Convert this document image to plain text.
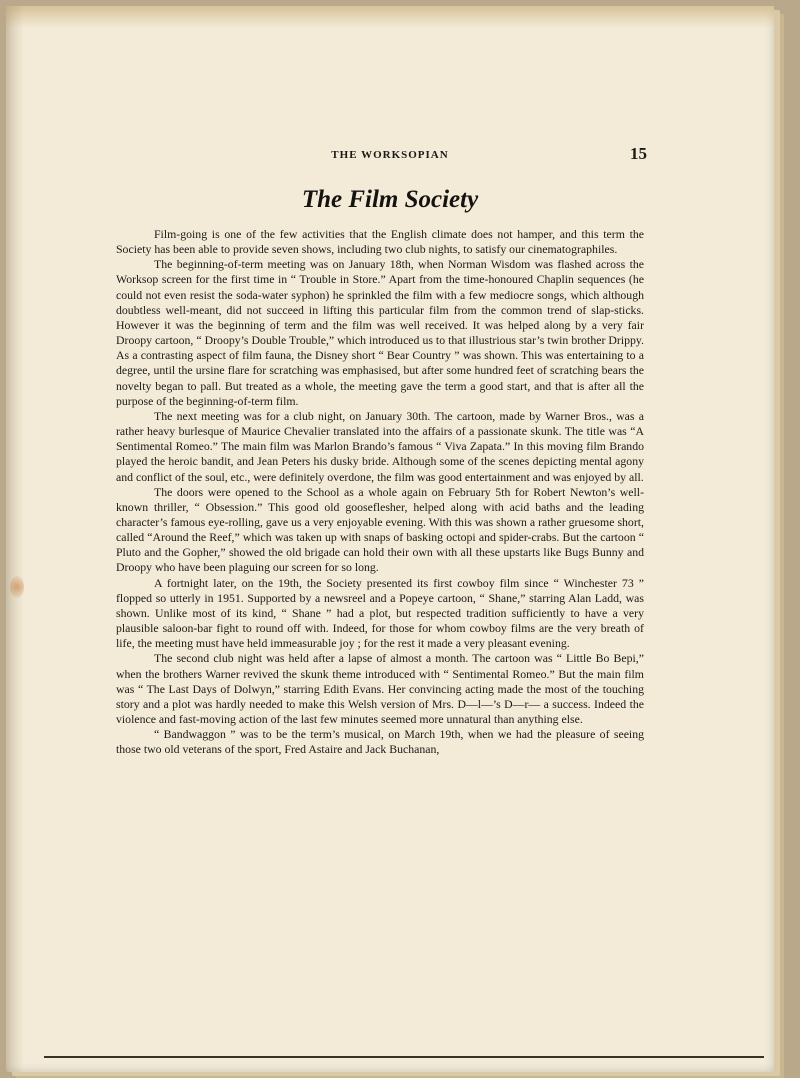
THE WORKSOPIAN	15
The Film Society

Film-going is one of the few activities that the English climate does not hamper, and this term the Society has been able to provide seven shows, including two club nights, to satisfy our cinematographiles.

The beginning-of-term meeting was on January 18th, when Norman Wisdom was flashed across the Worksop screen for the first time in “ Trouble in Store.” Apart from the time-honoured Chaplin sequences (he could not even resist the soda-water syphon) he sprinkled the film with a few mediocre songs, which although doubtless well-meant, did not succeed in lifting this particular film from the common trend of slap-sticks. However it was the beginning of term and the film was well received. It was helped along by a very fair Droopy cartoon, “ Droopy’s Double Trouble,” which introduced us to that illustrious star’s twin brother Drippy. As a contrasting aspect of film fauna, the Disney short “ Bear Country ” was shown. This was entertaining to a degree, until the ursine flare for scratching was emphasised, but after some hundred feet of scratching bears the novelty began to pall. But treated as a whole, the meeting gave the term a good start, and that is after all the purpose of the beginning-of-term film.

The next meeting was for a club night, on January 30th. The cartoon, made by Warner Bros., was a rather heavy burlesque of Maurice Chevalier translated into the affairs of a passionate skunk. The title was “A Sentimental Romeo.” The main film was Marlon Brando’s famous “ Viva Zapata.” In this moving film Brando played the heroic bandit, and Jean Peters his dusky bride. Although some of the scenes depicting mental agony and conflict of the soul, etc., were definitely overdone, the film was good entertainment and was enjoyed by all.

The doors were opened to the School as a whole again on February 5th for Robert Newton’s well-known thriller, “ Obsession.” This good old gooseflesher, helped along with acid baths and the leading character’s famous eye-rolling, gave us a very enjoyable evening. With this was shown a rather gruesome short, called “Around the Reef,” which was taken up with snaps of basking octopi and spider-crabs. But the cartoon “ Pluto and the Gopher,” showed the old brigade can hold their own with all these upstarts like Bugs Bunny and Droopy who have been plaguing our screen for so long.

A fortnight later, on the 19th, the Society presented its first cowboy film since “ Winchester 73 ” flopped so utterly in 1951. Supported by a newsreel and a Popeye cartoon, “ Shane,” starring Alan Ladd, was shown. Unlike most of its kind, “ Shane ” had a plot, but respected tradition sufficiently to have a very plausible saloon-bar fight to round off with. Indeed, for those for whom cowboy films are the very breath of life, the meeting must have held immeasurable joy ; for the rest it made a very pleasant evening.

The second club night was held after a lapse of almost a month. The cartoon was “ Little Bo Bepi,” when the brothers Warner revived the skunk theme introduced with “ Sentimental Romeo.” But the main film was “ The Last Days of Dolwyn,” starring Edith Evans. Her convincing acting made the most of the touching story and a plot was hardly needed to make this Welsh version of Mrs. D—l—’s D—r— a success. Indeed the violence and fast-moving action of the last few minutes seemed more unnatural than anything else.

“ Bandwaggon ” was to be the term’s musical, on March 19th, when we had the pleasure of seeing those two old veterans of the sport, Fred Astaire and Jack Buchanan,
